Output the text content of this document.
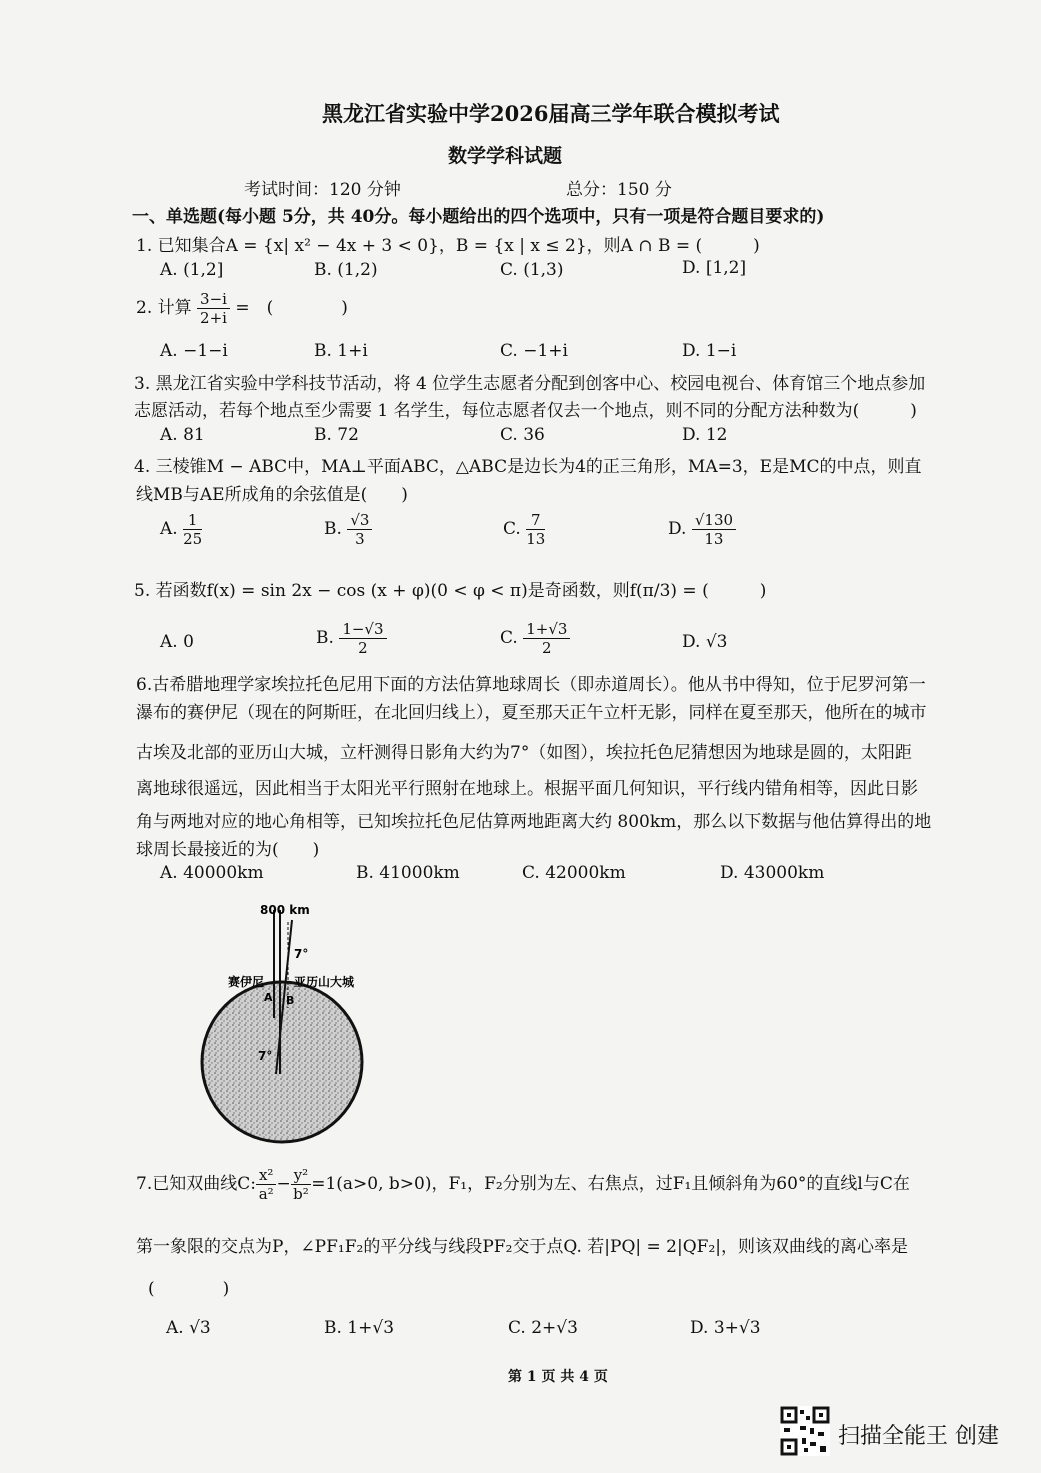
黑龙江省实验中学2026届高三学年联合模拟考试
数学学科试题
考试时间：120 分钟	总分：150 分
一、单选题(每小题 5分，共 40分。每小题给出的四个选项中，只有一项是符合题目要求的)
1. 已知集合A = {x| x² − 4x + 3 < 0}，B = {x | x ≤ 2}，则A ∩ B = (　　　)
A. (1,2]	B. (1,2)	C. (1,3)	D. [1,2]
2. 计算 $\frac{3-i}{2+i}$ =　(　　　　)
A. −1−i	B. 1+i	C. −1+i	D. 1−i
3. 黑龙江省实验中学科技节活动，将 4 位学生志愿者分配到创客中心、校园电视台、体育馆三个地点参加
志愿活动，若每个地点至少需要 1 名学生，每位志愿者仅去一个地点，则不同的分配方法种数为(　　　)
A. 81	B. 72	C. 36	D. 12
4. 三棱锥M − ABC中，MA⊥平面ABC，△ABC是边长为4的正三角形，MA=3，E是MC的中点，则直
线MB与AE所成角的余弦值是(　　)
A. $\frac{1}{25}$	B. $\frac{√3}{3}$	C. $\frac{7}{13}$	D. $\frac{√130}{13}$
5. 若函数f(x) = sin 2x − cos (x + φ)(0 < φ < π)是奇函数，则f(π/3) = (　　　)
A. 0	B. $\frac{1-√3}{2}$	C. $\frac{1+√3}{2}$	D. √3
6.古希腊地理学家埃拉托色尼用下面的方法估算地球周长（即赤道周长）。他从书中得知，位于尼罗河第一
瀑布的赛伊尼（现在的阿斯旺，在北回归线上），夏至那天正午立杆无影，同样在夏至那天，他所在的城市
古埃及北部的亚历山大城，立杆测得日影角大约为7°（如图），埃拉托色尼猜想因为地球是圆的，太阳距
离地球很遥远，因此相当于太阳光平行照射在地球上。根据平面几何知识，平行线内错角相等，因此日影
角与两地对应的地心角相等，已知埃拉托色尼估算两地距离大约 800km，那么以下数据与他估算得出的地
球周长最接近的为(　　)
A. 40000km	B. 41000km	C. 42000km	D. 43000km
800 km
7°
赛伊尼 亚历山大城
A B
7°
7.已知双曲线C: $\frac{\text{x²}}{\text{a²}} - \frac{\text{y²}}{\text{b²}} =1(a>0$, b>0)，F₁，F₂分别为左、右焦点，过F₁且倾斜角为60°的直线l与C在
第一象限的交点为P，∠PF₁F₂的平分线与线段PF₂交于点Q. 若|PQ| = 2|QF₂|，则该双曲线的离心率是
(　　　　)
A. √3	B. 1+√3	C. 2+√3	D. 3+√3
第 1 页 共 4 页
扫描全能王 创建
